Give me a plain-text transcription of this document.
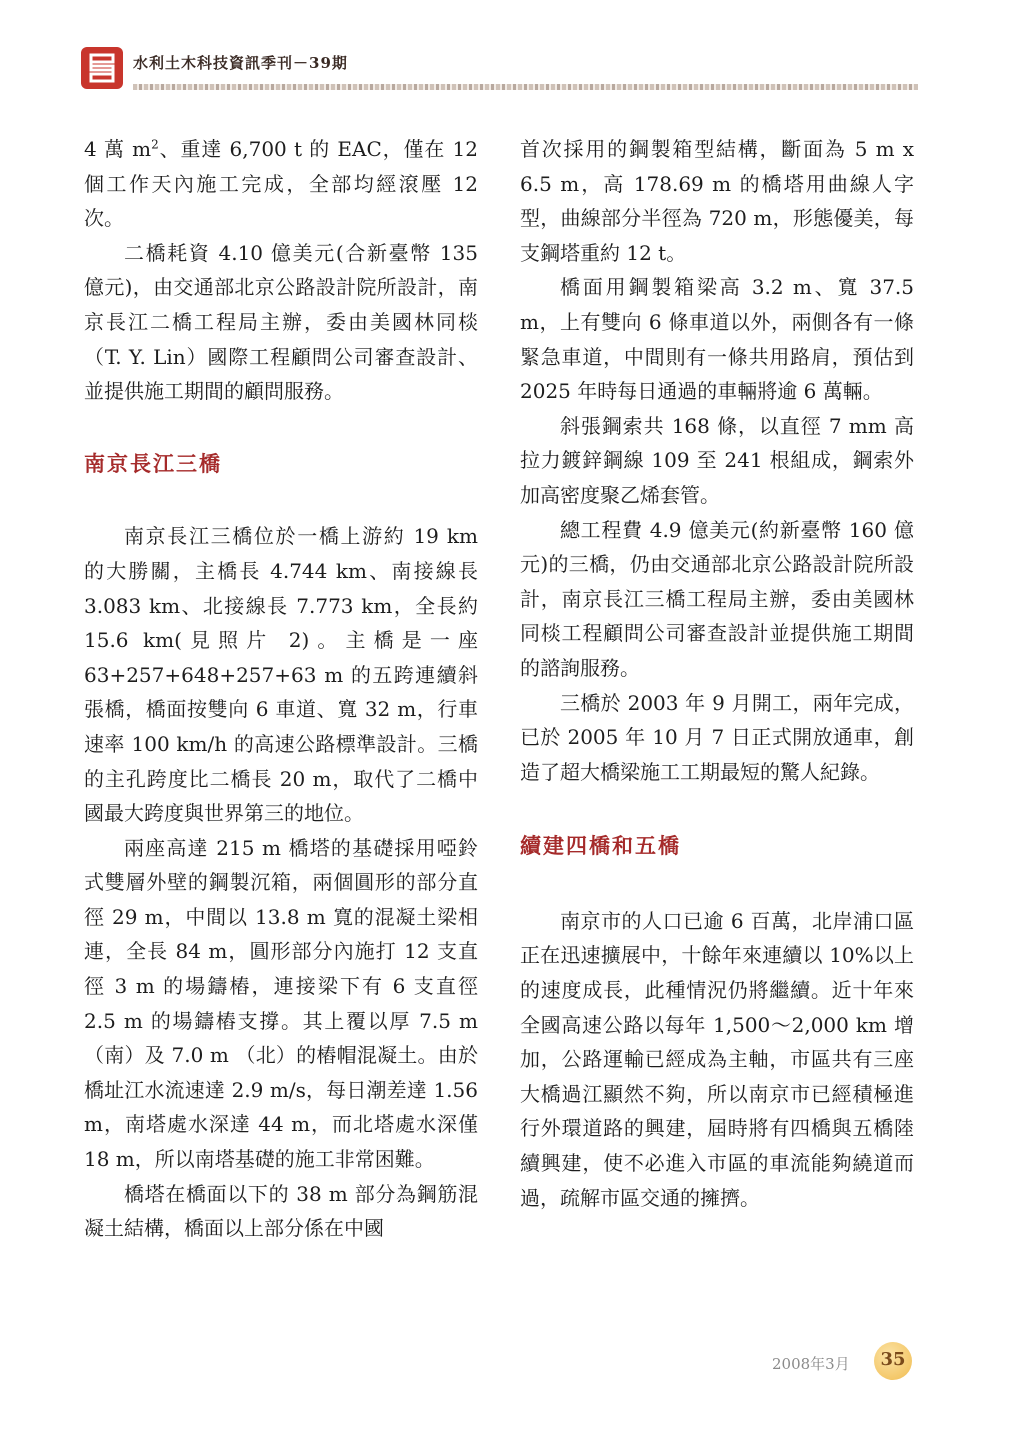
水利土木科技資訊季刊－39期

4 萬 $m^2$、重達 6,700 t 的 EAC，僅在 12 個工作天內施工完成，全部均經滾壓 12 次。

二橋耗資 4.10 億美元(合新臺幣 135 億元)，由交通部北京公路設計院所設計，南京長江二橋工程局主辦，委由美國林同棪（T. Y. Lin）國際工程顧問公司審查設計、並提供施工期間的顧問服務。

南京長江三橋

南京長江三橋位於一橋上游約 19 km 的大勝關，主橋長 4.744 km、南接線長 3.083 km、北接線長 7.773 km，全長約 15.6 km(見照片 2)。主橋是一座 63+257+648+257+63 m 的五跨連續斜張橋，橋面按雙向 6 車道、寬 32 m，行車速率 100 km/h 的高速公路標準設計。三橋的主孔跨度比二橋長 20 m，取代了二橋中國最大跨度與世界第三的地位。

兩座高達 215 m 橋塔的基礎採用啞鈴式雙層外壁的鋼製沉箱，兩個圓形的部分直徑 29 m，中間以 13.8 m 寬的混凝土梁相連，全長 84 m，圓形部分內施打 12 支直徑 3 m 的場鑄樁，連接梁下有 6 支直徑 2.5 m 的場鑄樁支撐。其上覆以厚 7.5 m（南）及 7.0 m （北）的樁帽混凝土。由於橋址江水流速達 2.9 m/s，每日潮差達 1.56 m，南塔處水深達 44 m，而北塔處水深僅 18 m，所以南塔基礎的施工非常困難。

橋塔在橋面以下的 38 m 部分為鋼筋混凝土結構，橋面以上部分係在中國

首次採用的鋼製箱型結構，斷面為 5 m x 6.5 m，高 178.69 m 的橋塔用曲線人字型，曲線部分半徑為 720 m，形態優美，每支鋼塔重約 12 t。

橋面用鋼製箱梁高 3.2 m、寬 37.5 m，上有雙向 6 條車道以外，兩側各有一條緊急車道，中間則有一條共用路肩，預估到 2025 年時每日通過的車輛將逾 6 萬輛。

斜張鋼索共 168 條，以直徑 7 mm 高拉力鍍鋅鋼線 109 至 241 根組成，鋼索外加高密度聚乙烯套管。

總工程費 4.9 億美元(約新臺幣 160 億元)的三橋，仍由交通部北京公路設計院所設計，南京長江三橋工程局主辦，委由美國林同棪工程顧問公司審查設計並提供施工期間的諮詢服務。

三橋於 2003 年 9 月開工，兩年完成，已於 2005 年 10 月 7 日正式開放通車，創造了超大橋梁施工工期最短的驚人紀錄。

續建四橋和五橋

南京市的人口已逾 6 百萬，北岸浦口區正在迅速擴展中，十餘年來連續以 10%以上的速度成長，此種情況仍將繼續。近十年來全國高速公路以每年 1,500～2,000 km 增加，公路運輸已經成為主軸，市區共有三座大橋過江顯然不夠，所以南京市已經積極進行外環道路的興建，屆時將有四橋與五橋陸續興建，使不必進入市區的車流能夠繞道而過，疏解市區交通的擁擠。

2008年3月	35
